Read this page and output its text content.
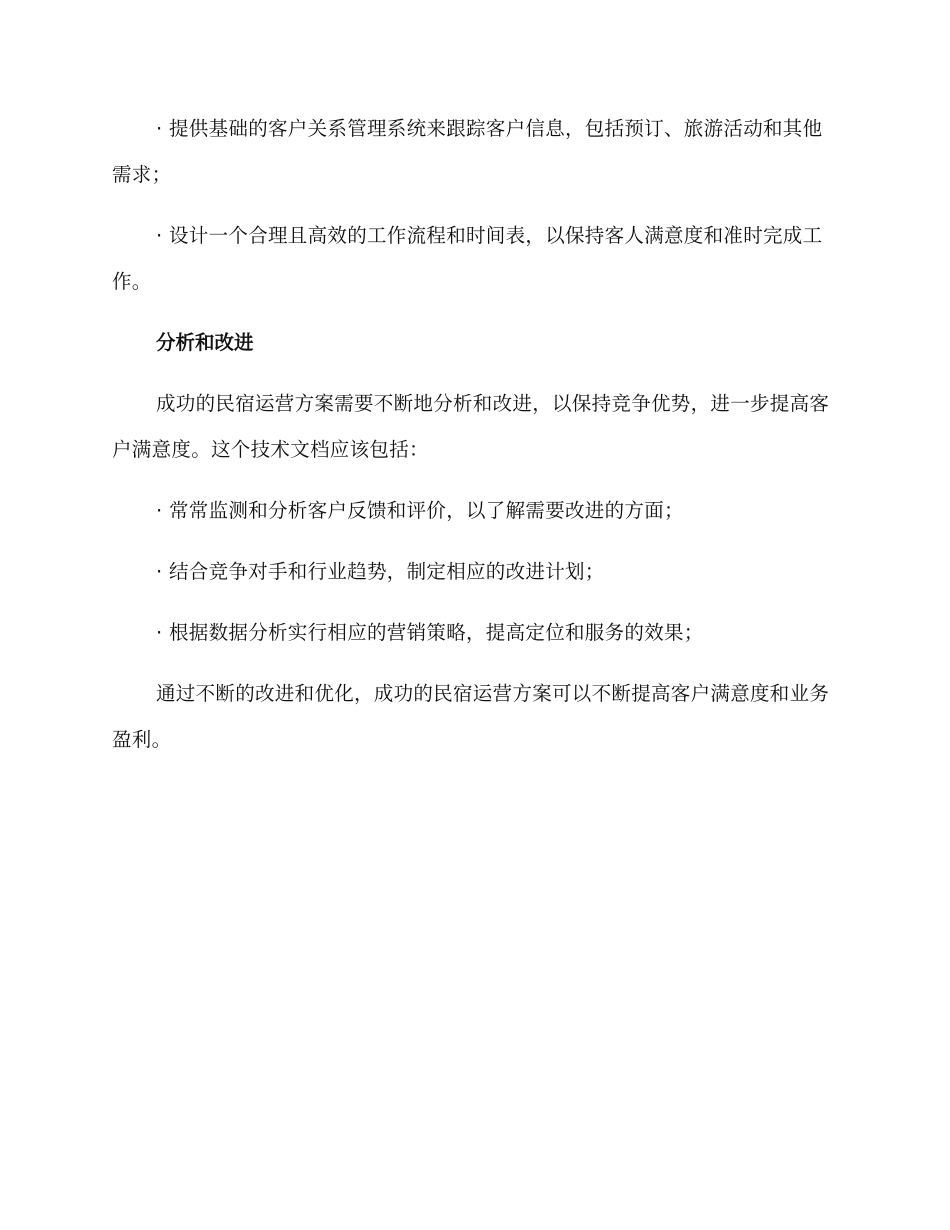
· 提供基础的客户关系管理系统来跟踪客户信息，包括预订、旅游活动和其他需求；

· 设计一个合理且高效的工作流程和时间表，以保持客人满意度和准时完成工作。

分析和改进

成功的民宿运营方案需要不断地分析和改进，以保持竞争优势，进一步提高客户满意度。这个技术文档应该包括：

· 常常监测和分析客户反馈和评价，以了解需要改进的方面；

· 结合竞争对手和行业趋势，制定相应的改进计划；

· 根据数据分析实行相应的营销策略，提高定位和服务的效果；

通过不断的改进和优化，成功的民宿运营方案可以不断提高客户满意度和业务盈利。
